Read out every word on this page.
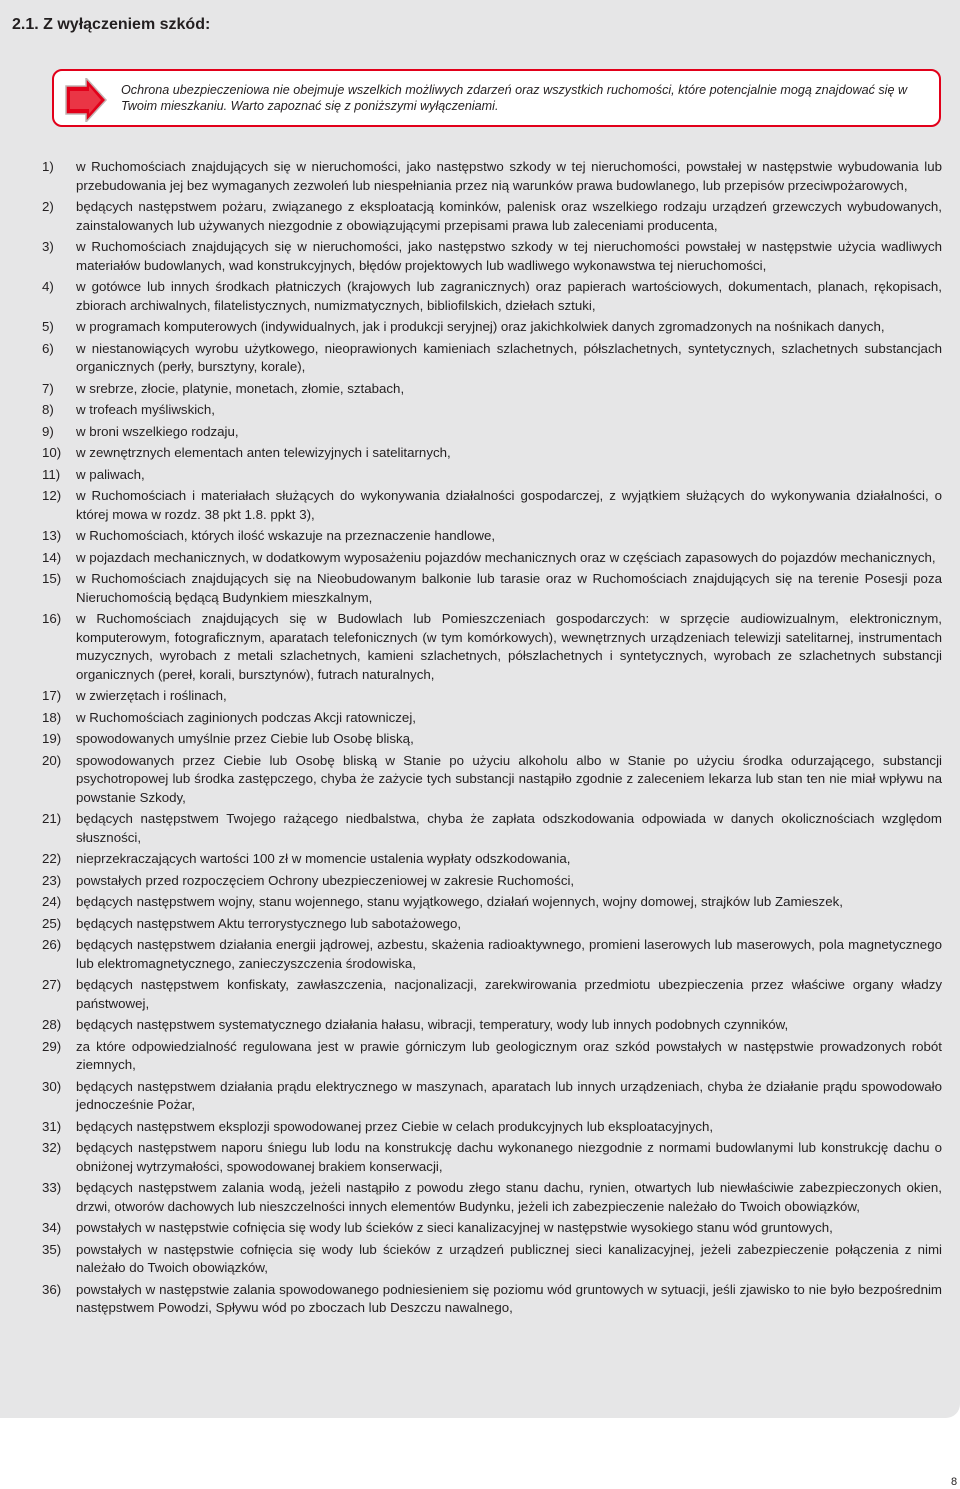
2.1. Z wyłączeniem szkód:
Ochrona ubezpieczeniowa nie obejmuje wszelkich możliwych zdarzeń oraz wszystkich ruchomości, które potencjalnie mogą znajdować się w Twoim mieszkaniu. Warto zapoznać się z poniższymi wyłączeniami.
1) w Ruchomościach znajdujących się w nieruchomości, jako następstwo szkody w tej nieruchomości, powstałej w następstwie wybudowania lub przebudowania jej bez wymaganych zezwoleń lub niespełniania przez nią warunków prawa budowlanego, lub przepisów przeciwpożarowych,
2) będących następstwem pożaru, związanego z eksploatacją kominków, palenisk oraz wszelkiego rodzaju urządzeń grzewczych wybudowanych, zainstalowanych lub używanych niezgodnie z obowiązującymi przepisami prawa lub zaleceniami producenta,
3) w Ruchomościach znajdujących się w nieruchomości, jako następstwo szkody w tej nieruchomości powstałej w następstwie użycia wadliwych materiałów budowlanych, wad konstrukcyjnych, błędów projektowych lub wadliwego wykonawstwa tej nieruchomości,
4) w gotówce lub innych środkach płatniczych (krajowych lub zagranicznych) oraz papierach wartościowych, dokumentach, planach, rękopisach, zbiorach archiwalnych, filatelistycznych, numizmatycznych, bibliofilskich, dziełach sztuki,
5) w programach komputerowych (indywidualnych, jak i produkcji seryjnej) oraz jakichkolwiek danych zgromadzonych na nośnikach danych,
6) w niestanowiących wyrobu użytkowego, nieoprawionych kamieniach szlachetnych, półszlachetnych, syntetycznych, szlachetnych substancjach organicznych (perły, bursztyny, korale),
7) w srebrze, złocie, platynie, monetach, złomie, sztabach,
8) w trofeach myśliwskich,
9) w broni wszelkiego rodzaju,
10) w zewnętrznych elementach anten telewizyjnych i satelitarnych,
11) w paliwach,
12) w Ruchomościach i materiałach służących do wykonywania działalności gospodarczej, z wyjątkiem służących do wykonywania działalności, o której mowa w rozdz. 38 pkt 1.8. ppkt 3),
13) w Ruchomościach, których ilość wskazuje na przeznaczenie handlowe,
14) w pojazdach mechanicznych, w dodatkowym wyposażeniu pojazdów mechanicznych oraz w częściach zapasowych do pojazdów mechanicznych,
15) w Ruchomościach znajdujących się na Nieobudowanym balkonie lub tarasie oraz w Ruchomościach znajdujących się na terenie Posesji poza Nieruchomością będącą Budynkiem mieszkalnym,
16) w Ruchomościach znajdujących się w Budowlach lub Pomieszczeniach gospodarczych: w sprzęcie audiowizualnym, elektronicznym, komputerowym, fotograficznym, aparatach telefonicznych (w tym komórkowych), wewnętrznych urządzeniach telewizji satelitarnej, instrumentach muzycznych, wyrobach z metali szlachetnych, kamieni szlachetnych, półszlachetnych i syntetycznych, wyrobach ze szlachetnych substancji organicznych (pereł, korali, bursztynów), futrach naturalnych,
17) w zwierzętach i roślinach,
18) w Ruchomościach zaginionych podczas Akcji ratowniczej,
19) spowodowanych umyślnie przez Ciebie lub Osobę bliską,
20) spowodowanych przez Ciebie lub Osobę bliską w Stanie po użyciu alkoholu albo w Stanie po użyciu środka odurzającego, substancji psychotropowej lub środka zastępczego, chyba że zażycie tych substancji nastąpiło zgodnie z zaleceniem lekarza lub stan ten nie miał wpływu na powstanie Szkody,
21) będących następstwem Twojego rażącego niedbalstwa, chyba że zapłata odszkodowania odpowiada w danych okolicznościach względom słuszności,
22) nieprzekraczających wartości 100 zł w momencie ustalenia wypłaty odszkodowania,
23) powstałych przed rozpoczęciem Ochrony ubezpieczeniowej w zakresie Ruchomości,
24) będących następstwem wojny, stanu wojennego, stanu wyjątkowego, działań wojennych, wojny domowej, strajków lub Zamieszek,
25) będących następstwem Aktu terrorystycznego lub sabotażowego,
26) będących następstwem działania energii jądrowej, azbestu, skażenia radioaktywnego, promieni laserowych lub maserowych, pola magnetycznego lub elektromagnetycznego, zanieczyszczenia środowiska,
27) będących następstwem konfiskaty, zawłaszczenia, nacjonalizacji, zarekwirowania przedmiotu ubezpieczenia przez właściwe organy władzy państwowej,
28) będących następstwem systematycznego działania hałasu, wibracji, temperatury, wody lub innych podobnych czynników,
29) za które odpowiedzialność regulowana jest w prawie górniczym lub geologicznym oraz szkód powstałych w następstwie prowadzonych robót ziemnych,
30) będących następstwem działania prądu elektrycznego w maszynach, aparatach lub innych urządzeniach, chyba że działanie prądu spowodowało jednocześnie Pożar,
31) będących następstwem eksplozji spowodowanej przez Ciebie w celach produkcyjnych lub eksploatacyjnych,
32) będących następstwem naporu śniegu lub lodu na konstrukcję dachu wykonanego niezgodnie z normami budowlanymi lub konstrukcję dachu o obniżonej wytrzymałości, spowodowanej brakiem konserwacji,
33) będących następstwem zalania wodą, jeżeli nastąpiło z powodu złego stanu dachu, rynien, otwartych lub niewłaściwie zabezpieczonych okien, drzwi, otworów dachowych lub nieszczelności innych elementów Budynku, jeżeli ich zabezpieczenie należało do Twoich obowiązków,
34) powstałych w następstwie cofnięcia się wody lub ścieków z sieci kanalizacyjnej w następstwie wysokiego stanu wód gruntowych,
35) powstałych w następstwie cofnięcia się wody lub ścieków z urządzeń publicznej sieci kanalizacyjnej, jeżeli zabezpieczenie połączenia z nimi należało do Twoich obowiązków,
36) powstałych w następstwie zalania spowodowanego podniesieniem się poziomu wód gruntowych w sytuacji, jeśli zjawisko to nie było bezpośrednim następstwem Powodzi, Spływu wód po zboczach lub Deszczu nawalnego,
8
